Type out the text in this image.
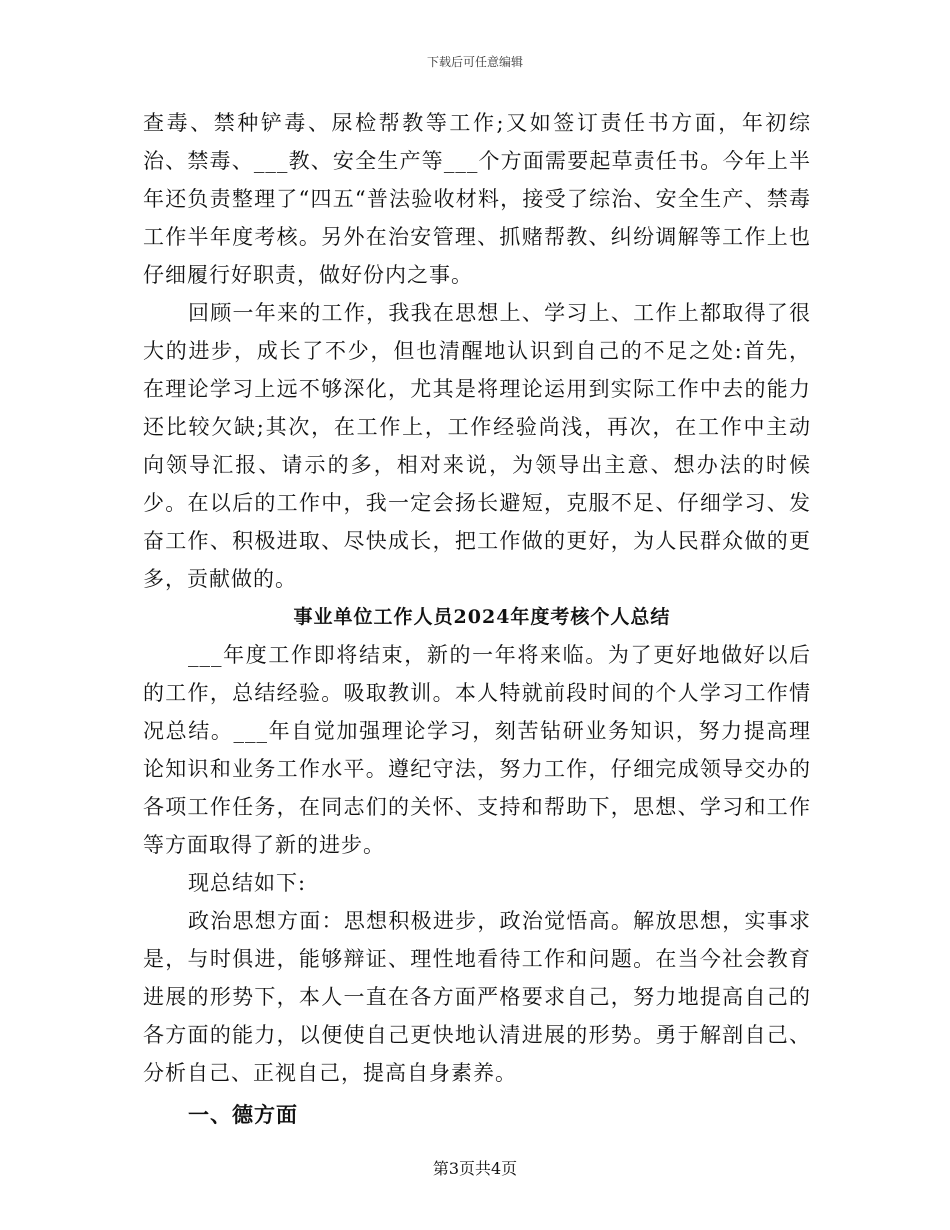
下载后可任意编辑

查毒、禁种铲毒、尿检帮教等工作;又如签订责任书方面，年初综治、禁毒、___教、安全生产等___个方面需要起草责任书。今年上半年还负责整理了“四五“普法验收材料，接受了综治、安全生产、禁毒工作半年度考核。另外在治安管理、抓赌帮教、纠纷调解等工作上也仔细履行好职责，做好份内之事。

回顾一年来的工作，我我在思想上、学习上、工作上都取得了很大的进步，成长了不少，但也清醒地认识到自己的不足之处:首先，在理论学习上远不够深化，尤其是将理论运用到实际工作中去的能力还比较欠缺;其次，在工作上，工作经验尚浅，再次，在工作中主动向领导汇报、请示的多，相对来说，为领导出主意、想办法的时候少。在以后的工作中，我一定会扬长避短，克服不足、仔细学习、发奋工作、积极进取、尽快成长，把工作做的更好，为人民群众做的更多，贡献做的。

事业单位工作人员2024年度考核个人总结

___年度工作即将结束，新的一年将来临。为了更好地做好以后的工作，总结经验。吸取教训。本人特就前段时间的个人学习工作情况总结。___年自觉加强理论学习，刻苦钻研业务知识，努力提高理论知识和业务工作水平。遵纪守法，努力工作，仔细完成领导交办的各项工作任务，在同志们的关怀、支持和帮助下，思想、学习和工作等方面取得了新的进步。

现总结如下:

政治思想方面：思想积极进步，政治觉悟高。解放思想，实事求是，与时俱进，能够辩证、理性地看待工作和问题。在当今社会教育进展的形势下，本人一直在各方面严格要求自己，努力地提高自己的各方面的能力，以便使自己更快地认清进展的形势。勇于解剖自己、分析自己、正视自己，提高自身素养。

一、德方面

第3页共4页
